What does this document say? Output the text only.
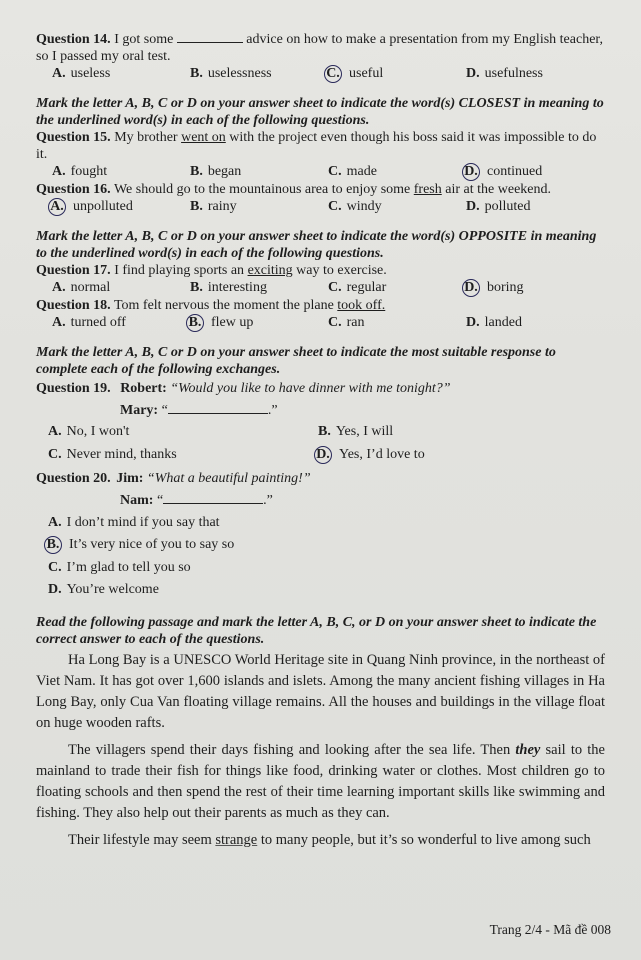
Question 14. I got some	advice on how to make a presentation from my English teacher, so I passed my oral test.
A. useless	B. uselessness	C. useful	D. usefulness
Mark the letter A, B, C or D on your answer sheet to indicate the word(s) CLOSEST in meaning to the underlined word(s) in each of the following questions.
Question 15. My brother went on with the project even though his boss said it was impossible to do it.
A. fought	B. began	C. made	D. continued
Question 16. We should go to the mountainous area to enjoy some fresh air at the weekend.
A. unpolluted	B. rainy	C. windy	D. polluted
Mark the letter A, B, C or D on your answer sheet to indicate the word(s) OPPOSITE in meaning to the underlined word(s) in each of the following questions.
Question 17. I find playing sports an exciting way to exercise.
A. normal	B. interesting	C. regular	D. boring
Question 18. Tom felt nervous the moment the plane took off.
A. turned off	B. flew up	C. ran	D. landed
Mark the letter A, B, C or D on your answer sheet to indicate the most suitable response to complete each of the following exchanges.
Question 19. Robert: “Would you like to have dinner with me tonight?”
Mary: “	.”
A. No, I won't	B. Yes, I will
C. Never mind, thanks	D. Yes, I’d love to
Question 20. Jim: “What a beautiful painting!”
Nam: “	.”
A. I don’t mind if you say that
B. It’s very nice of you to say so
C. I’m glad to tell you so
D. You’re welcome
Read the following passage and mark the letter A, B, C, or D on your answer sheet to indicate the correct answer to each of the questions.

Ha Long Bay is a UNESCO World Heritage site in Quang Ninh province, in the northeast of Viet Nam. It has got over 1,600 islands and islets. Among the many ancient fishing villages in Ha Long Bay, only Cua Van floating village remains. All the houses and buildings in the village float on huge wooden rafts.

The villagers spend their days fishing and looking after the sea life. Then they sail to the mainland to trade their fish for things like food, drinking water or clothes. Most children go to floating schools and then spend the rest of their time learning important skills like swimming and fishing. They also help out their parents as much as they can.

Their lifestyle may seem strange to many people, but it’s so wonderful to live among such

Trang 2/4 - Mã đề 008
